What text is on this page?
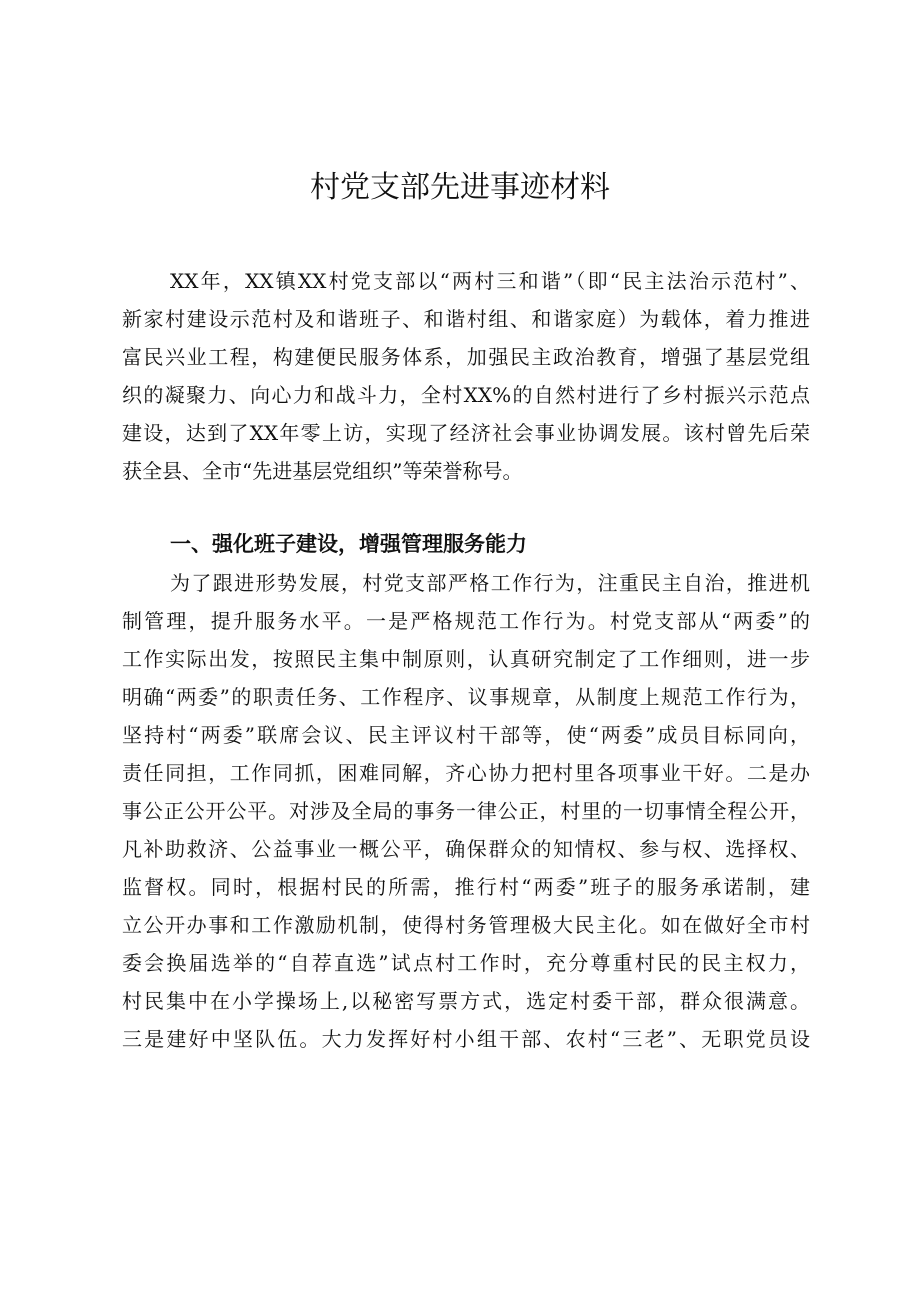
村党支部先进事迹材料

XX年，XX镇XX村党支部以“两村三和谐”（即“民主法治示范村”、

新家村建设示范村及和谐班子、和谐村组、和谐家庭）为载体，着力推进

富民兴业工程，构建便民服务体系，加强民主政治教育，增强了基层党组

织的凝聚力、向心力和战斗力，全村XX%的自然村进行了乡村振兴示范点

建设，达到了XX年零上访，实现了经济社会事业协调发展。该村曾先后荣

获全县、全市“先进基层党组织”等荣誉称号。

一、强化班子建设，增强管理服务能力

为了跟进形势发展，村党支部严格工作行为，注重民主自治，推进机

制管理，提升服务水平。一是严格规范工作行为。村党支部从“两委”的

工作实际出发，按照民主集中制原则，认真研究制定了工作细则，进一步

明确“两委”的职责任务、工作程序、议事规章，从制度上规范工作行为，

坚持村“两委”联席会议、民主评议村干部等，使“两委”成员目标同向，

责任同担，工作同抓，困难同解，齐心协力把村里各项事业干好。二是办

事公正公开公平。对涉及全局的事务一律公正，村里的一切事情全程公开，

凡补助救济、公益事业一概公平，确保群众的知情权、参与权、选择权、

监督权。同时，根据村民的所需，推行村“两委”班子的服务承诺制，建

立公开办事和工作激励机制，使得村务管理极大民主化。如在做好全市村

委会换届选举的“自荐直选”试点村工作时，充分尊重村民的民主权力，

村民集中在小学操场上,以秘密写票方式，选定村委干部，群众很满意。

三是建好中坚队伍。大力发挥好村小组干部、农村“三老”、无职党员设
